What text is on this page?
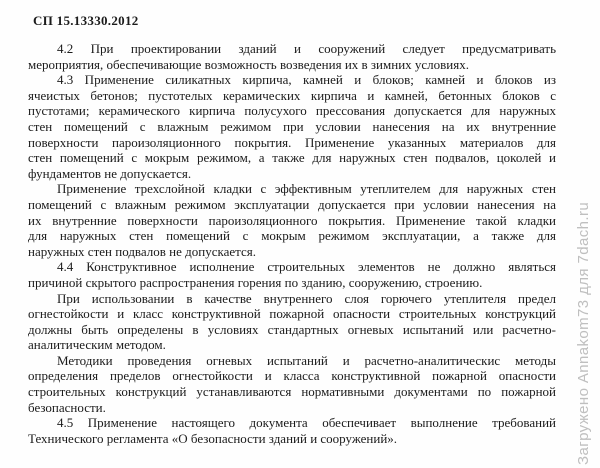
СП 15.13330.2012
4.2 При проектировании зданий и сооружений следует предусматривать
мероприятия, обеспечивающие возможность возведения их в зимних условиях.
4.3 Применение силикатных кирпича, камней и блоков; камней и блоков из
ячеистых бетонов; пустотелых керамических кирпича и камней, бетонных блоков с
пустотами; керамического кирпича полусухого прессования допускается для наружных
стен помещений с влажным режимом при условии нанесения на их внутренние
поверхности пароизоляционного покрытия. Применение указанных материалов для
стен помещений с мокрым режимом, а также для наружных стен подвалов, цоколей и
фундаментов не допускается.
Применение трехслойной кладки с эффективным утеплителем для наружных стен
помещений с влажным режимом эксплуатации допускается при условии нанесения на
их внутренние поверхности пароизоляционного покрытия. Применение такой кладки
для наружных стен помещений с мокрым режимом эксплуатации, а также для
наружных стен подвалов не допускается.
4.4 Конструктивное исполнение строительных элементов не должно являться
причиной скрытого распространения горения по зданию, сооружению, строению.
При использовании в качестве внутреннего слоя горючего утеплителя предел
огнестойкости и класс конструктивной пожарной опасности строительных конструкций
должны быть определены в условиях стандартных огневых испытаний или расчетно-
аналитическим методом.
Методики проведения огневых испытаний и расчетно-аналитическис методы
определения пределов огнестойкости и класса конструктивной пожарной опасности
строительных конструкций устанавливаются нормативными документами по пожарной
безопасности.
4.5 Применение настоящего документа обеспечивает выполнение требований
Технического регламента «О безопасности зданий и сооружений».	Загружено Annakom73 для 7dach.ru
